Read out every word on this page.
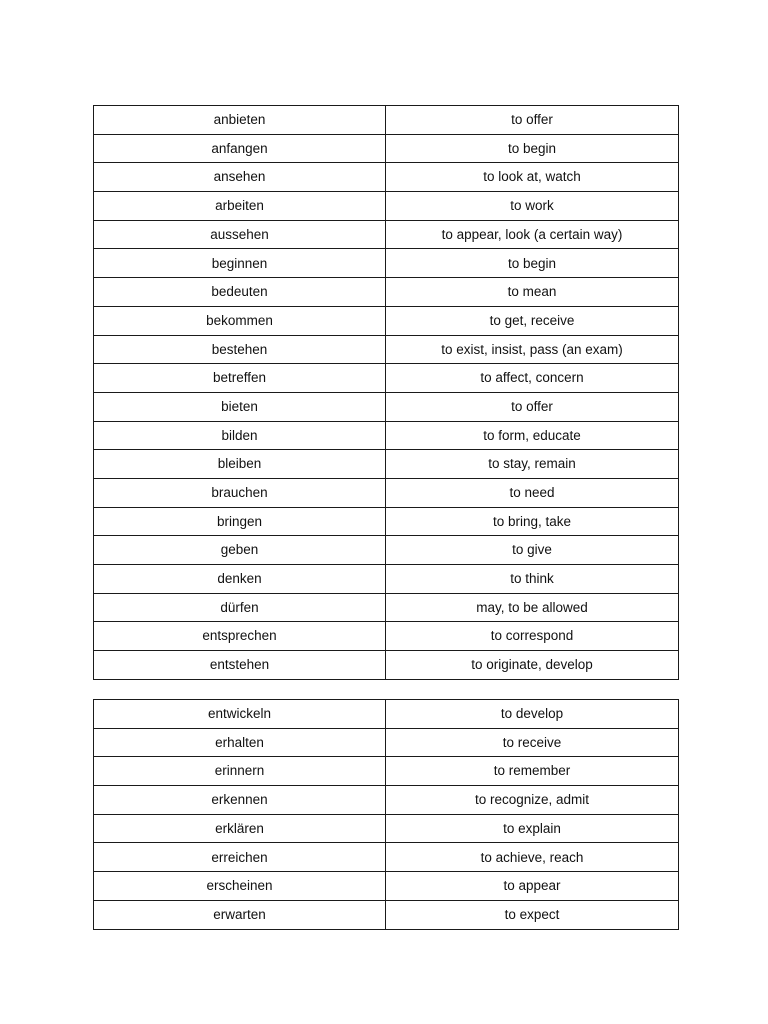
anbieten	to offer
anfangen	to begin
ansehen	to look at, watch
arbeiten	to work
aussehen	to appear, look (a certain way)
beginnen	to begin
bedeuten	to mean
bekommen	to get, receive
bestehen	to exist, insist, pass (an exam)
betreffen	to affect, concern
bieten	to offer
bilden	to form, educate
bleiben	to stay, remain
brauchen	to need
bringen	to bring, take
geben	to give
denken	to think
dürfen	may, to be allowed
entsprechen	to correspond
entstehen	to originate, develop
entwickeln	to develop
erhalten	to receive
erinnern	to remember
erkennen	to recognize, admit
erklären	to explain
erreichen	to achieve, reach
erscheinen	to appear
erwarten	to expect
